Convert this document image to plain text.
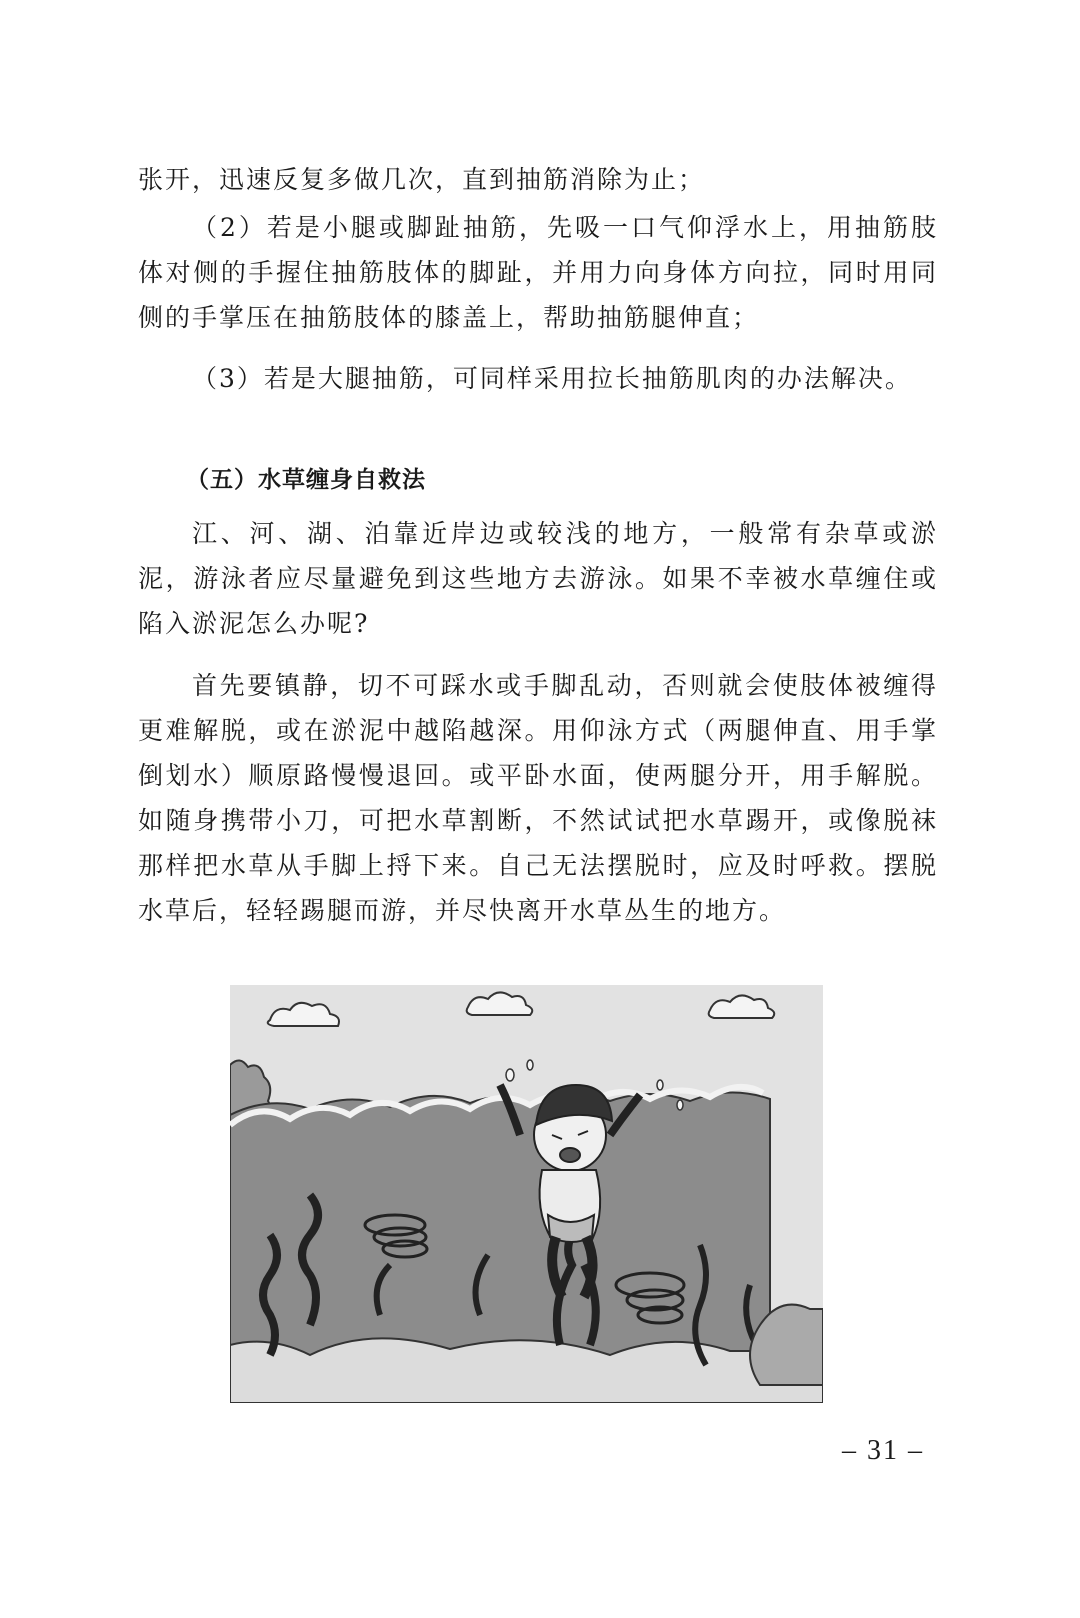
张开，迅速反复多做几次，直到抽筋消除为止；

（2）若是小腿或脚趾抽筋，先吸一口气仰浮水上，用抽筋肢体对侧的手握住抽筋肢体的脚趾，并用力向身体方向拉，同时用同侧的手掌压在抽筋肢体的膝盖上，帮助抽筋腿伸直；

（3）若是大腿抽筋，可同样采用拉长抽筋肌肉的办法解决。

（五）水草缠身自救法

江、河、湖、泊靠近岸边或较浅的地方，一般常有杂草或淤泥，游泳者应尽量避免到这些地方去游泳。如果不幸被水草缠住或陷入淤泥怎么办呢?

首先要镇静，切不可踩水或手脚乱动，否则就会使肢体被缠得更难解脱，或在淤泥中越陷越深。用仰泳方式（两腿伸直、用手掌倒划水）顺原路慢慢退回。或平卧水面，使两腿分开，用手解脱。如随身携带小刀，可把水草割断，不然试试把水草踢开，或像脱袜那样把水草从手脚上捋下来。自己无法摆脱时，应及时呼救。摆脱水草后，轻轻踢腿而游，并尽快离开水草丛生的地方。

– 31 –
